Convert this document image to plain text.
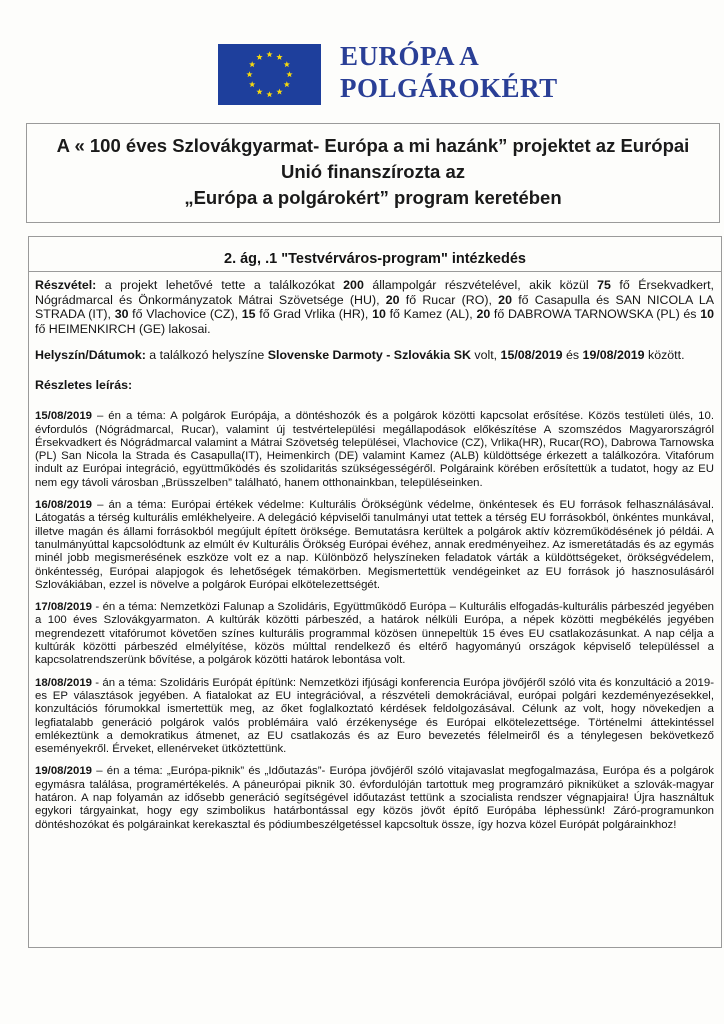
EURÓPA A
POLGÁROKÉRT
A « 100 éves Szlovákgyarmat- Európa a mi hazánk” projektet az Európai
Unió finanszírozta az
„Európa a polgárokért” program keretében
2. ág, .1 "Testvérváros-program" intézkedés

Részvétel: a projekt lehetővé tette a találkozókat 200 állampolgár részvételével, akik közül 75 fő Érsekvadkert, Nógrádmarcal és Önkormányzatok Mátrai Szövetsége (HU), 20 fő Rucar (RO), 20 fő Casapulla és SAN NICOLA LA STRADA (IT), 30 fő Vlachovice (CZ), 15 fő Grad Vrlika (HR), 10 fő Kamez (AL), 20 fő DABROWA TARNOWSKA (PL) és 10 fő HEIMENKIRCH (GE) lakosai.

Helyszín/Dátumok: a találkozó helyszíne Slovenske Darmoty - Szlovákia SK volt, 15/08/2019 és 19/08/2019 között.

Részletes leírás:

15/08/2019 – én a téma: A polgárok Európája, a döntéshozók és a polgárok közötti kapcsolat erősítése. Közös testületi ülés, 10. évfordulós (Nógrádmarcal, Rucar), valamint új testvértelepülési megállapodások előkészítése A szomszédos Magyarországról Érsekvadkert és Nógrádmarcal valamint a Mátrai Szövetség települései, Vlachovice (CZ), Vrlika(HR), Rucar(RO), Dabrowa Tarnowska (PL) San Nicola la Strada és Casapulla(IT), Heimenkirch (DE) valamint Kamez (ALB) küldöttsége érkezett a találkozóra. Vitafórum indult az Európai integráció, együttműködés és szolidaritás szükségességéről. Polgáraink körében erősítettük a tudatot, hogy az EU nem egy távoli városban „Brüsszelben” található, hanem otthonainkban, településeinken.

16/08/2019 – án a téma: Európai értékek védelme: Kulturális Örökségünk védelme, önkéntesek és EU források felhasználásával. Látogatás a térség kulturális emlékhelyeire. A delegáció képviselői tanulmányi utat tettek a térség EU forrásokból, önkéntes munkával, illetve magán és állami forrásokból megújult épített öröksége. Bemutatásra kerültek a polgárok aktív közreműködésének jó példái. A tanulmányúttal kapcsolódtunk az elmúlt év Kulturális Örökség Európai évéhez, annak eredményeihez. Az ismeretátadás és az egymás minél jobb megismerésének eszköze volt ez a nap. Különböző helyszíneken feladatok várták a küldöttségeket, örökségvédelem, önkéntesség, Európai alapjogok és lehetőségek témakörben. Megismertettük vendégeinket az EU források jó hasznosulásáról Szlovákiában, ezzel is növelve a polgárok Európai elkötelezettségét.

17/08/2019 - én a téma: Nemzetközi Falunap a Szolidáris, Együttműködő Európa – Kulturális elfogadás-kulturális párbeszéd jegyében a 100 éves Szlovákgyarmaton. A kultúrák közötti párbeszéd, a határok nélküli Európa, a népek közötti megbékélés jegyében megrendezett vitafórumot követően színes kulturális programmal közösen ünnepeltük 15 éves EU csatlakozásunkat. A nap célja a kultúrák közötti párbeszéd elmélyítése, közös múlttal rendelkező és eltérő hagyományú országok képviselő településsel a kapcsolatrendszerünk bővítése, a polgárok közötti határok lebontása volt.

18/08/2019 - án a téma: Szolidáris Európát építünk: Nemzetközi ifjúsági konferencia Európa jövőjéről szóló vita és konzultáció a 2019-es EP választások jegyében. A fiatalokat az EU integrációval, a részvételi demokráciával, európai polgári kezdeményezésekkel, konzultációs fórumokkal ismertettük meg, az őket foglalkoztató kérdések feldolgozásával. Célunk az volt, hogy növekedjen a legfiatalabb generáció polgárok valós problémáira való érzékenysége és Európai elkötelezettsége. Történelmi áttekintéssel emlékeztünk a demokratikus átmenet, az EU csatlakozás és az Euro bevezetés félelmeiről és a ténylegesen bekövetkező eseményekről. Érveket, ellenérveket ütköztettünk.

19/08/2019 – én a téma: „Európa-piknik” és „Időutazás”- Európa jövőjéről szóló vitajavaslat megfogalmazása, Európa és a polgárok egymásra találása, programértékelés. A páneurópai piknik 30. évfordulóján tartottuk meg programzáró pikniküket a szlovák-magyar határon. A nap folyamán az idősebb generáció segítségével időutazást tettünk a szocialista rendszer végnapjaira! Újra használtuk egykori tárgyainkat, hogy egy szimbolikus határbontással egy közös jövőt építő Európába léphessünk! Záró-programunkon döntéshozókat és polgárainkat kerekasztal és pódiumbeszélgetéssel kapcsoltuk össze, így hozva közel Európát polgárainkhoz!
